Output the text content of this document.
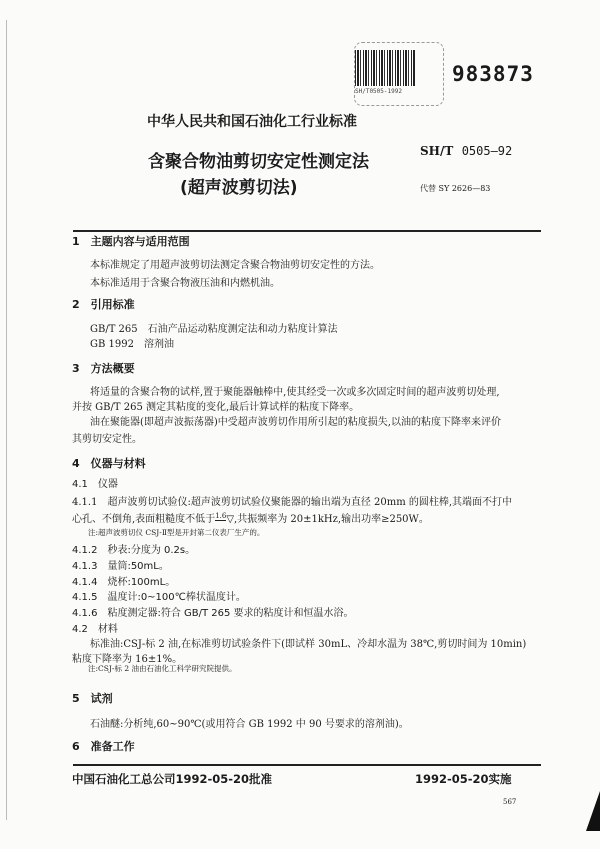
SH/T0505-1992
983873
中华人民共和国石油化工行业标准
SH/T 0505—92
含聚合物油剪切安定性测定法
(超声波剪切法)	代替 SY 2626—83
1　主题内容与适用范围
本标准规定了用超声波剪切法测定含聚合物油剪切安定性的方法。
本标准适用于含聚合物液压油和内燃机油。
2　引用标准
GB/T 265　石油产品运动粘度测定法和动力粘度计算法
GB 1992　溶剂油
3　方法概要
将适量的含聚合物的试样,置于聚能器触棒中,使其经受一次或多次固定时间的超声波剪切处理,
并按 GB/T 265 测定其粘度的变化,最后计算试样的粘度下降率。
油在聚能器(即超声波振荡器)中受超声波剪切作用所引起的粘度损失,以油的粘度下降率来评价
其剪切安定性。
4　仪器与材料
4.1　仪器
4.1.1　超声波剪切试验仪:超声波剪切试验仪聚能器的输出端为直径 20mm 的圆柱棒,其端面不打中
心孔、不倒角,表面粗糙度不低于1.6▽,共振频率为 20±1kHz,输出功率≥250W。
注:超声波剪切仪 CSJ-Ⅱ型是开封第二仪表厂生产的。
4.1.2　秒表:分度为 0.2s。
4.1.3　量筒:50mL。
4.1.4　烧杯:100mL。
4.1.5　温度计:0~100℃棒状温度计。
4.1.6　粘度测定器:符合 GB/T 265 要求的粘度计和恒温水浴。
4.2　材料
标准油:CSJ-标 2 油,在标准剪切试验条件下(即试样 30mL、冷却水温为 38℃,剪切时间为 10min)
粘度下降率为 16±1%。
注:CSJ-标 2 油由石油化工科学研究院提供。
5　试剂
石油醚:分析纯,60~90℃(或用符合 GB 1992 中 90 号要求的溶剂油)。
6　准备工作
中国石油化工总公司1992-05-20批准	1992-05-20实施
567
